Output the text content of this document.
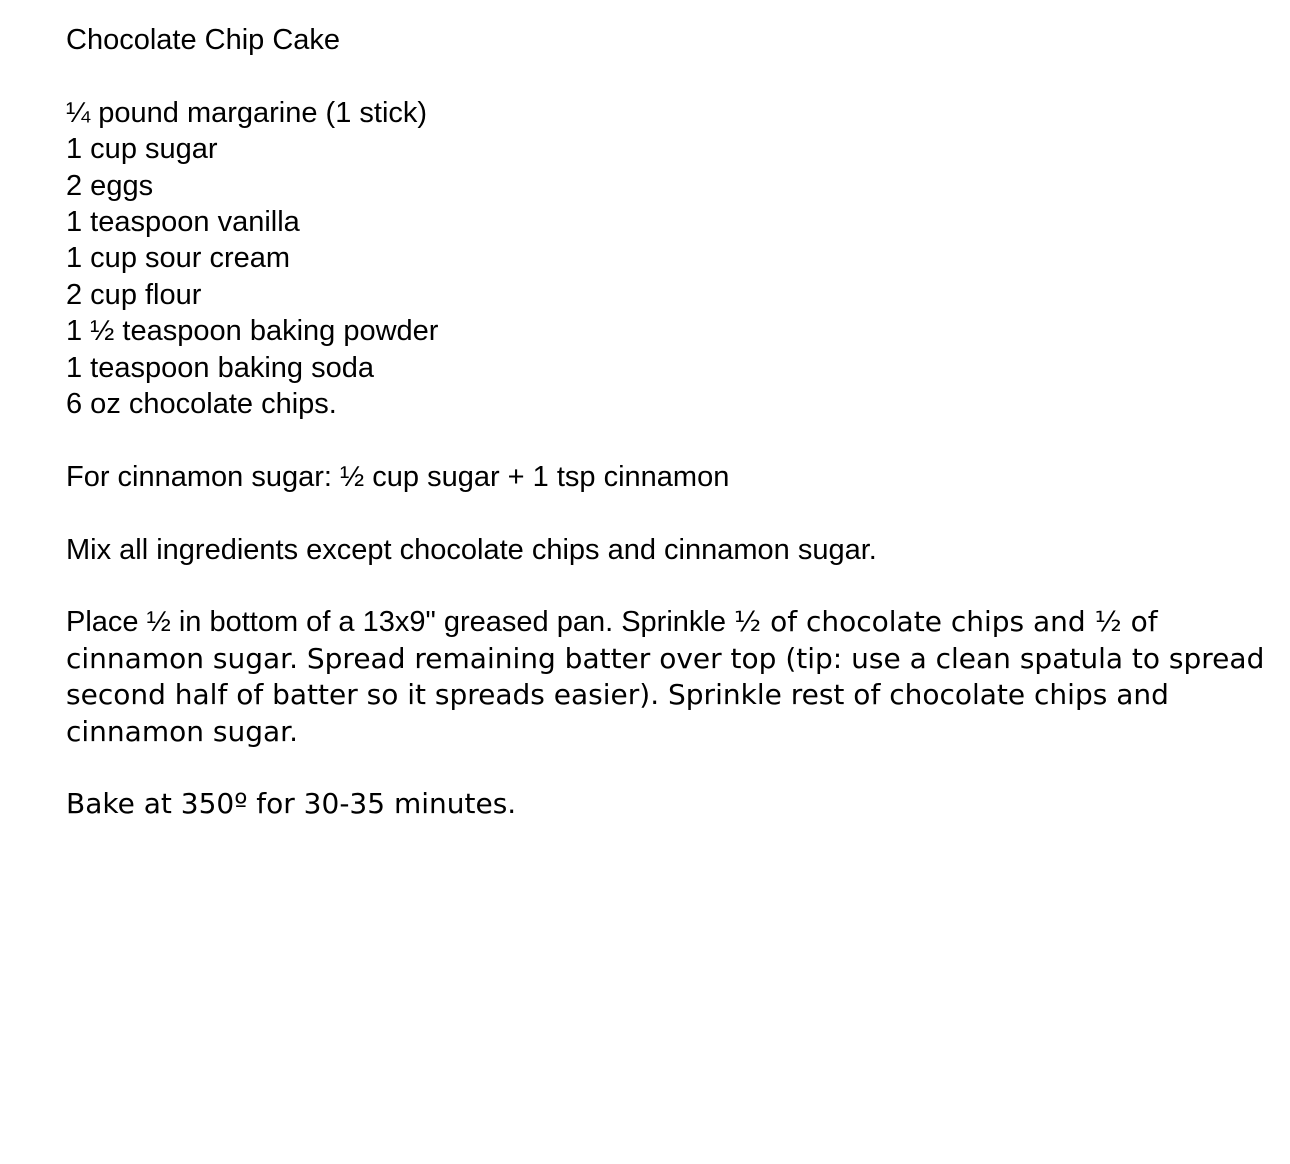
Chocolate Chip Cake
¼ pound margarine (1 stick)
1 cup sugar
2 eggs
1 teaspoon vanilla
1 cup sour cream
2 cup flour
1 ½ teaspoon baking powder
1 teaspoon baking soda
6 oz chocolate chips.
For cinnamon sugar: ½ cup sugar + 1 tsp cinnamon
Mix all ingredients except chocolate chips and cinnamon sugar.
Place ½ in bottom of a 13x9" greased pan. Sprinkle ½ of chocolate chips and ½ of cinnamon sugar. Spread remaining batter over top (tip: use a clean spatula to spread second half of batter so it spreads easier). Sprinkle rest of chocolate chips and cinnamon sugar.
Bake at 350º for 30-35 minutes.
